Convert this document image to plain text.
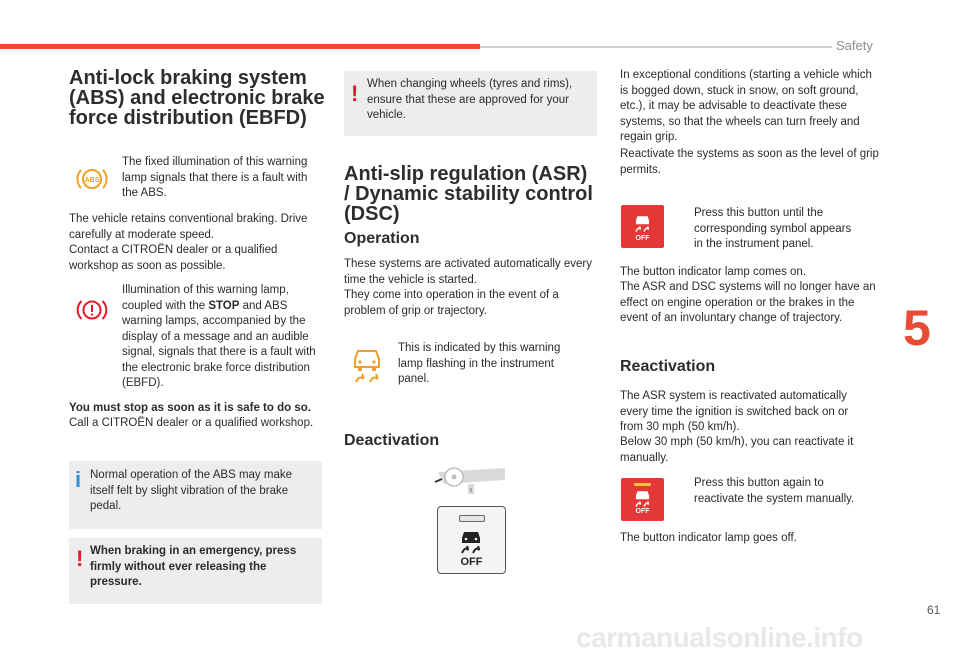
Safety
5
61
carmanualsonline.info
Anti-lock braking system (ABS) and electronic brake force distribution (EBFD)
ABS
The fixed illumination of this warning lamp signals that there is a fault with the ABS.
The vehicle retains conventional braking. Drive carefully at moderate speed.
Contact a CITROËN dealer or a qualified workshop as soon as possible.
Illumination of this warning lamp, coupled with the STOP and ABS warning lamps, accompanied by the display of a message and an audible signal, signals that there is a fault with the electronic brake force distribution (EBFD).
You must stop as soon as it is safe to do so.
Call a CITROËN dealer or a qualified workshop.
i Normal operation of the ABS may make itself felt by slight vibration of the brake pedal.
! When braking in an emergency, press firmly without ever releasing the pressure.
! When changing wheels (tyres and rims), ensure that these are approved for your vehicle.
Anti-slip regulation (ASR) / Dynamic stability control (DSC)
Operation
These systems are activated automatically every time the vehicle is started.
They come into operation in the event of a problem of grip or trajectory.
This is indicated by this warning lamp flashing in the instrument panel.
Deactivation
OFF
In exceptional conditions (starting a vehicle which is bogged down, stuck in snow, on soft ground, etc.), it may be advisable to deactivate these systems, so that the wheels can turn freely and regain grip.
Reactivate the systems as soon as the level of grip permits.
OFF
Press this button until the corresponding symbol appears in the instrument panel.
The button indicator lamp comes on.
The ASR and DSC systems will no longer have an effect on engine operation or the brakes in the event of an involuntary change of trajectory.
Reactivation
The ASR system is reactivated automatically every time the ignition is switched back on or from 30 mph (50 km/h).
Below 30 mph (50 km/h), you can reactivate it manually.
OFF
Press this button again to reactivate the system manually.
The button indicator lamp goes off.
